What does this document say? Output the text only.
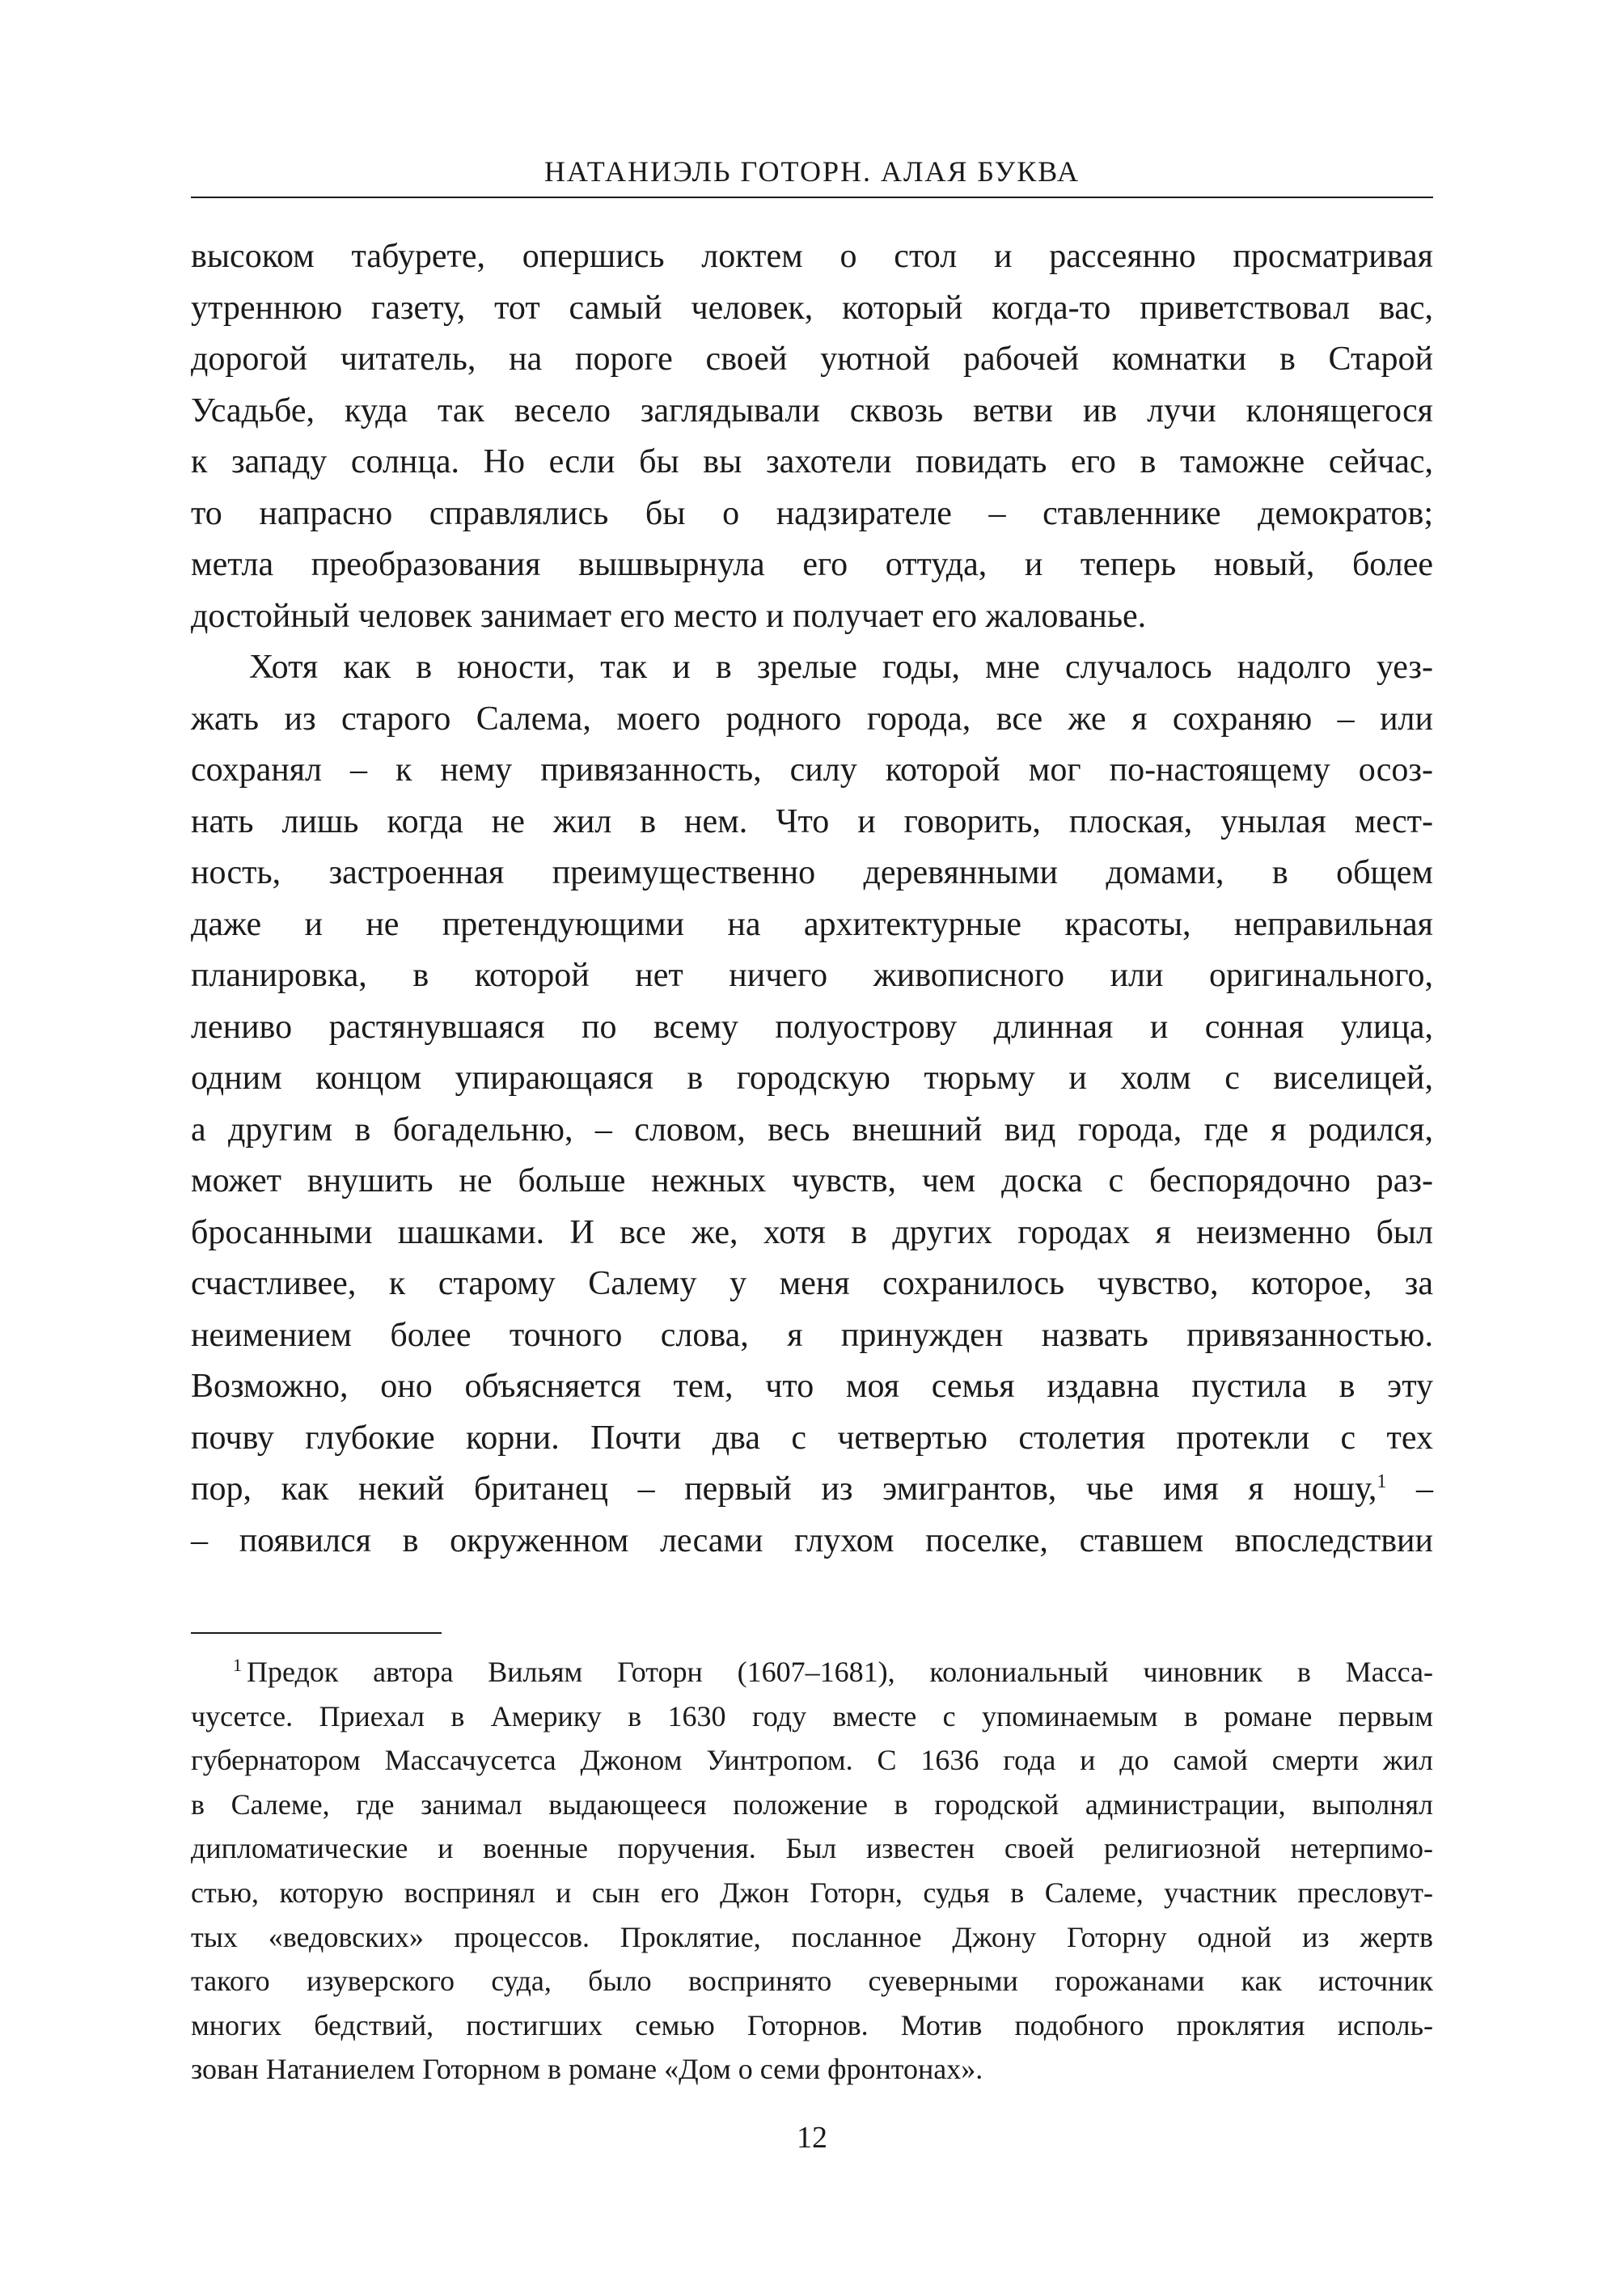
НАТАНИЭЛЬ ГОТОРН. АЛАЯ БУКВА
высоком табурете, опершись локтем о стол и рассеянно просматривая
утреннюю газету, тот самый человек, который когда-то приветствовал вас,
дорогой читатель, на пороге своей уютной рабочей комнатки в Старой
Усадьбе, куда так весело заглядывали сквозь ветви ив лучи клонящегося
к западу солнца. Но если бы вы захотели повидать его в таможне сейчас,
то напрасно справлялись бы о надзирателе – ставленнике демократов;
метла преобразования вышвырнула его оттуда, и теперь новый, более
достойный человек занимает его место и получает его жалованье.
Хотя как в юности, так и в зрелые годы, мне случалось надолго уез-
жать из старого Салема, моего родного города, все же я сохраняю – или
сохранял – к нему привязанность, силу которой мог по-настоящему осоз-
нать лишь когда не жил в нем. Что и говорить, плоская, унылая мест-
ность, застроенная преимущественно деревянными домами, в общем
даже и не претендующими на архитектурные красоты, неправильная
планировка, в которой нет ничего живописного или оригинального,
лениво растянувшаяся по всему полуострову длинная и сонная улица,
одним концом упирающаяся в городскую тюрьму и холм с виселицей,
а другим в богадельню, – словом, весь внешний вид города, где я родился,
может внушить не больше нежных чувств, чем доска с беспорядочно раз-
бросанными шашками. И все же, хотя в других городах я неизменно был
счастливее, к старому Салему у меня сохранилось чувство, которое, за
неимением более точного слова, я принужден назвать привязанностью.
Возможно, оно объясняется тем, что моя семья издавна пустила в эту
почву глубокие корни. Почти два с четвертью столетия протекли с тех
пор, как некий британец – первый из эмигрантов, чье имя я ношу,$^1$ –
– появился в окруженном лесами глухом поселке, ставшем впоследствии
$^1$ Предок автора Вильям Готорн (1607–1681), колониальный чиновник в Масса-
чусетсе. Приехал в Америку в 1630 году вместе с упоминаемым в романе первым
губернатором Массачусетса Джоном Уинтропом. С 1636 года и до самой смерти жил
в Салеме, где занимал выдающееся положение в городской администрации, выполнял
дипломатические и военные поручения. Был известен своей религиозной нетерпимо-
стью, которую воспринял и сын его Джон Готорн, судья в Салеме, участник пресловут-
тых «ведовских» процессов. Проклятие, посланное Джону Готорну одной из жертв
такого изуверского суда, было воспринято суеверными горожанами как источник
многих бедствий, постигших семью Готорнов. Мотив подобного проклятия исполь-
зован Натаниелем Готорном в романе «Дом о семи фронтонах».
12
